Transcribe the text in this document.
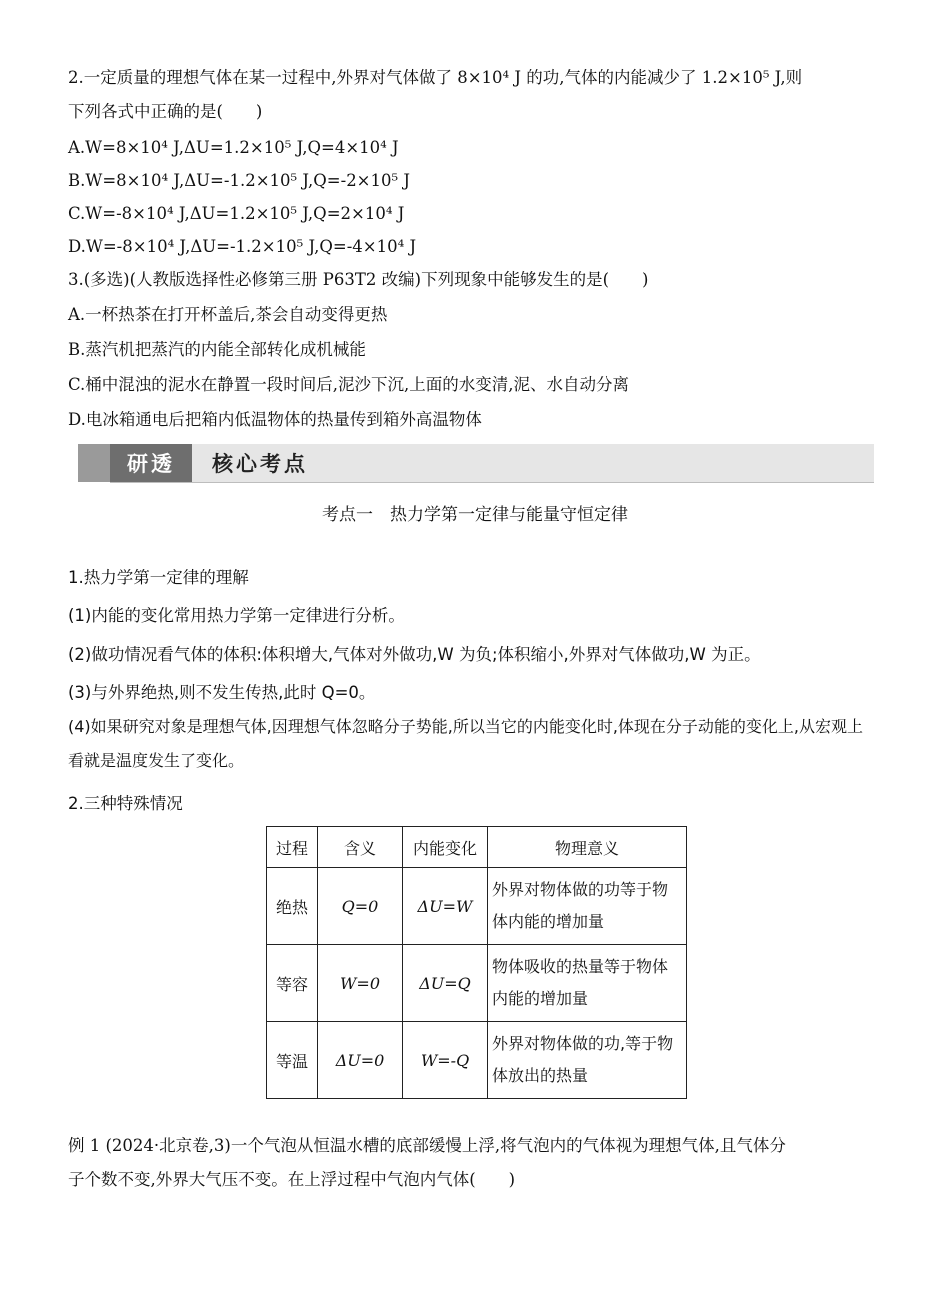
2.一定质量的理想气体在某一过程中,外界对气体做了 8×10⁴ J 的功,气体的内能减少了 1.2×10⁵ J,则
下列各式中正确的是(　　)
A.W=8×10⁴ J,ΔU=1.2×10⁵ J,Q=4×10⁴ J
B.W=8×10⁴ J,ΔU=-1.2×10⁵ J,Q=-2×10⁵ J
C.W=-8×10⁴ J,ΔU=1.2×10⁵ J,Q=2×10⁴ J
D.W=-8×10⁴ J,ΔU=-1.2×10⁵ J,Q=-4×10⁴ J
3.(多选)(人教版选择性必修第三册 P63T2 改编)下列现象中能够发生的是(　　)
A.一杯热茶在打开杯盖后,茶会自动变得更热
B.蒸汽机把蒸汽的内能全部转化成机械能
C.桶中混浊的泥水在静置一段时间后,泥沙下沉,上面的水变清,泥、水自动分离
D.电冰箱通电后把箱内低温物体的热量传到箱外高温物体
研透	核心考点
考点一　热力学第一定律与能量守恒定律
1.热力学第一定律的理解
(1)内能的变化常用热力学第一定律进行分析。
(2)做功情况看气体的体积:体积增大,气体对外做功,W 为负;体积缩小,外界对气体做功,W 为正。
(3)与外界绝热,则不发生传热,此时 Q=0。
(4)如果研究对象是理想气体,因理想气体忽略分子势能,所以当它的内能变化时,体现在分子动能的变化上,从宏观上看就是温度发生了变化。
2.三种特殊情况
过程	含义	内能变化	物理意义
绝热	Q=0	ΔU=W	外界对物体做的功等于物体内能的增加量
等容	W=0	ΔU=Q	物体吸收的热量等于物体内能的增加量
等温	ΔU=0	W=-Q	外界对物体做的功,等于物体放出的热量
例 1 (2024·北京卷,3)一个气泡从恒温水槽的底部缓慢上浮,将气泡内的气体视为理想气体,且气体分
子个数不变,外界大气压不变。在上浮过程中气泡内气体(　　)
